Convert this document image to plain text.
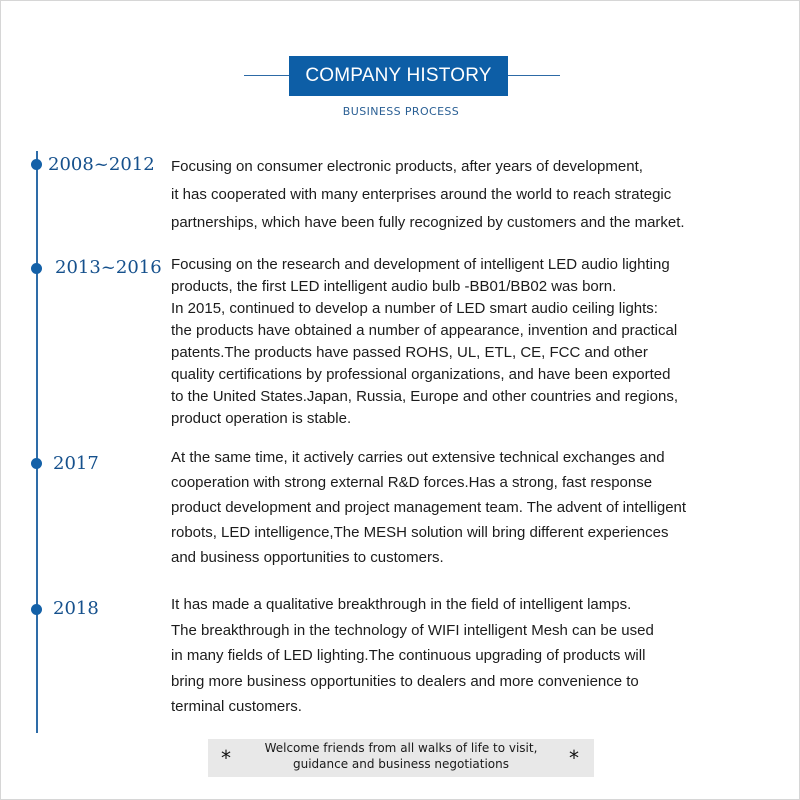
COMPANY HISTORY
BUSINESS PROCESS
2008~2012 Focusing on consumer electronic products, after years of development,
it has cooperated with many enterprises around the world to reach strategic
partnerships, which have been fully recognized by customers and the market.

2013~2016 Focusing on the research and development of intelligent LED audio lighting
products, the first LED intelligent audio bulb -BB01/BB02 was born.
In 2015, continued to develop a number of LED smart audio ceiling lights:
the products have obtained a number of appearance, invention and practical
patents.The products have passed ROHS, UL, ETL, CE, FCC and other
quality certifications by professional organizations, and have been exported
to the United States.Japan, Russia, Europe and other countries and regions,
product operation is stable.

2017	At the same time, it actively carries out extensive technical exchanges and
cooperation with strong external R&D forces.Has a strong, fast response
product development and project management team. The advent of intelligent
robots, LED intelligence,The MESH solution will bring different experiences
and business opportunities to customers.

2018	It has made a qualitative breakthrough in the field of intelligent lamps.
The breakthrough in the technology of WIFI intelligent Mesh can be used
in many fields of LED lighting.The continuous upgrading of products will
bring more business opportunities to dealers and more convenience to
terminal customers.

*	Welcome friends from all walks of life to visit,
guidance and business negotiations	*
